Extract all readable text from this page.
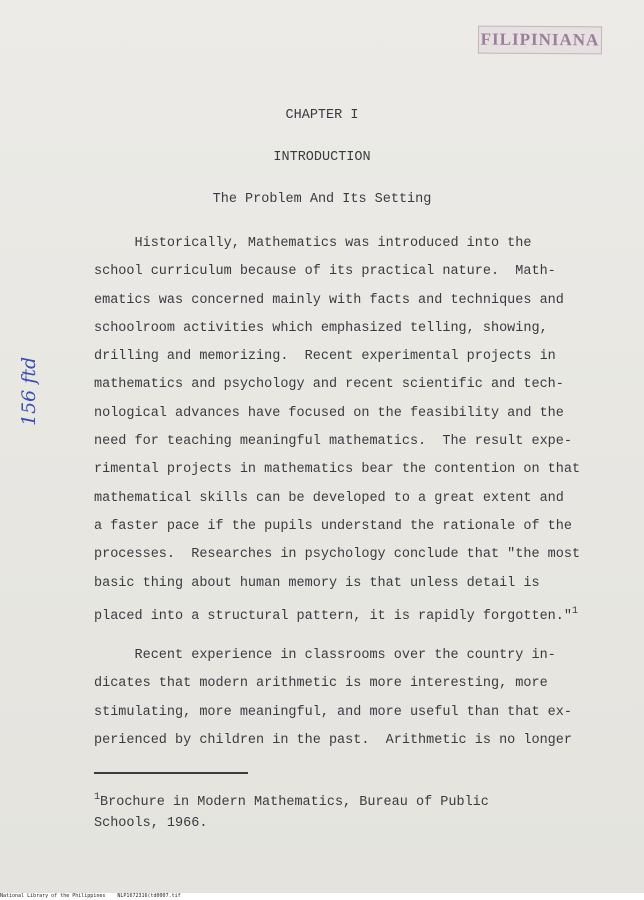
FILIPINIANA
156 ftd
CHAPTER I
INTRODUCTION
The Problem And Its Setting

Historically, Mathematics was introduced into the
school curriculum because of its practical nature.  Math-
ematics was concerned mainly with facts and techniques and
schoolroom activities which emphasized telling, showing,
drilling and memorizing.  Recent experimental projects in
mathematics and psychology and recent scientific and tech-
nological advances have focused on the feasibility and the
need for teaching meaningful mathematics.  The result expe-
rimental projects in mathematics bear the contention on that
mathematical skills can be developed to a great extent and
a faster pace if the pupils understand the rationale of the
processes.  Researches in psychology conclude that "the most
basic thing about human memory is that unless detail is
placed into a structural pattern, it is rapidly forgotten."$^1$

Recent experience in classrooms over the country in-
dicates that modern arithmetic is more interesting, more
stimulating, more meaningful, and more useful than that ex-
perienced by children in the past.  Arithmetic is no longer

$^1$Brochure in Modern Mathematics, Bureau of Public
Schools, 1966.
National Library of the Philippines    NLP1672316(td0007.tif
